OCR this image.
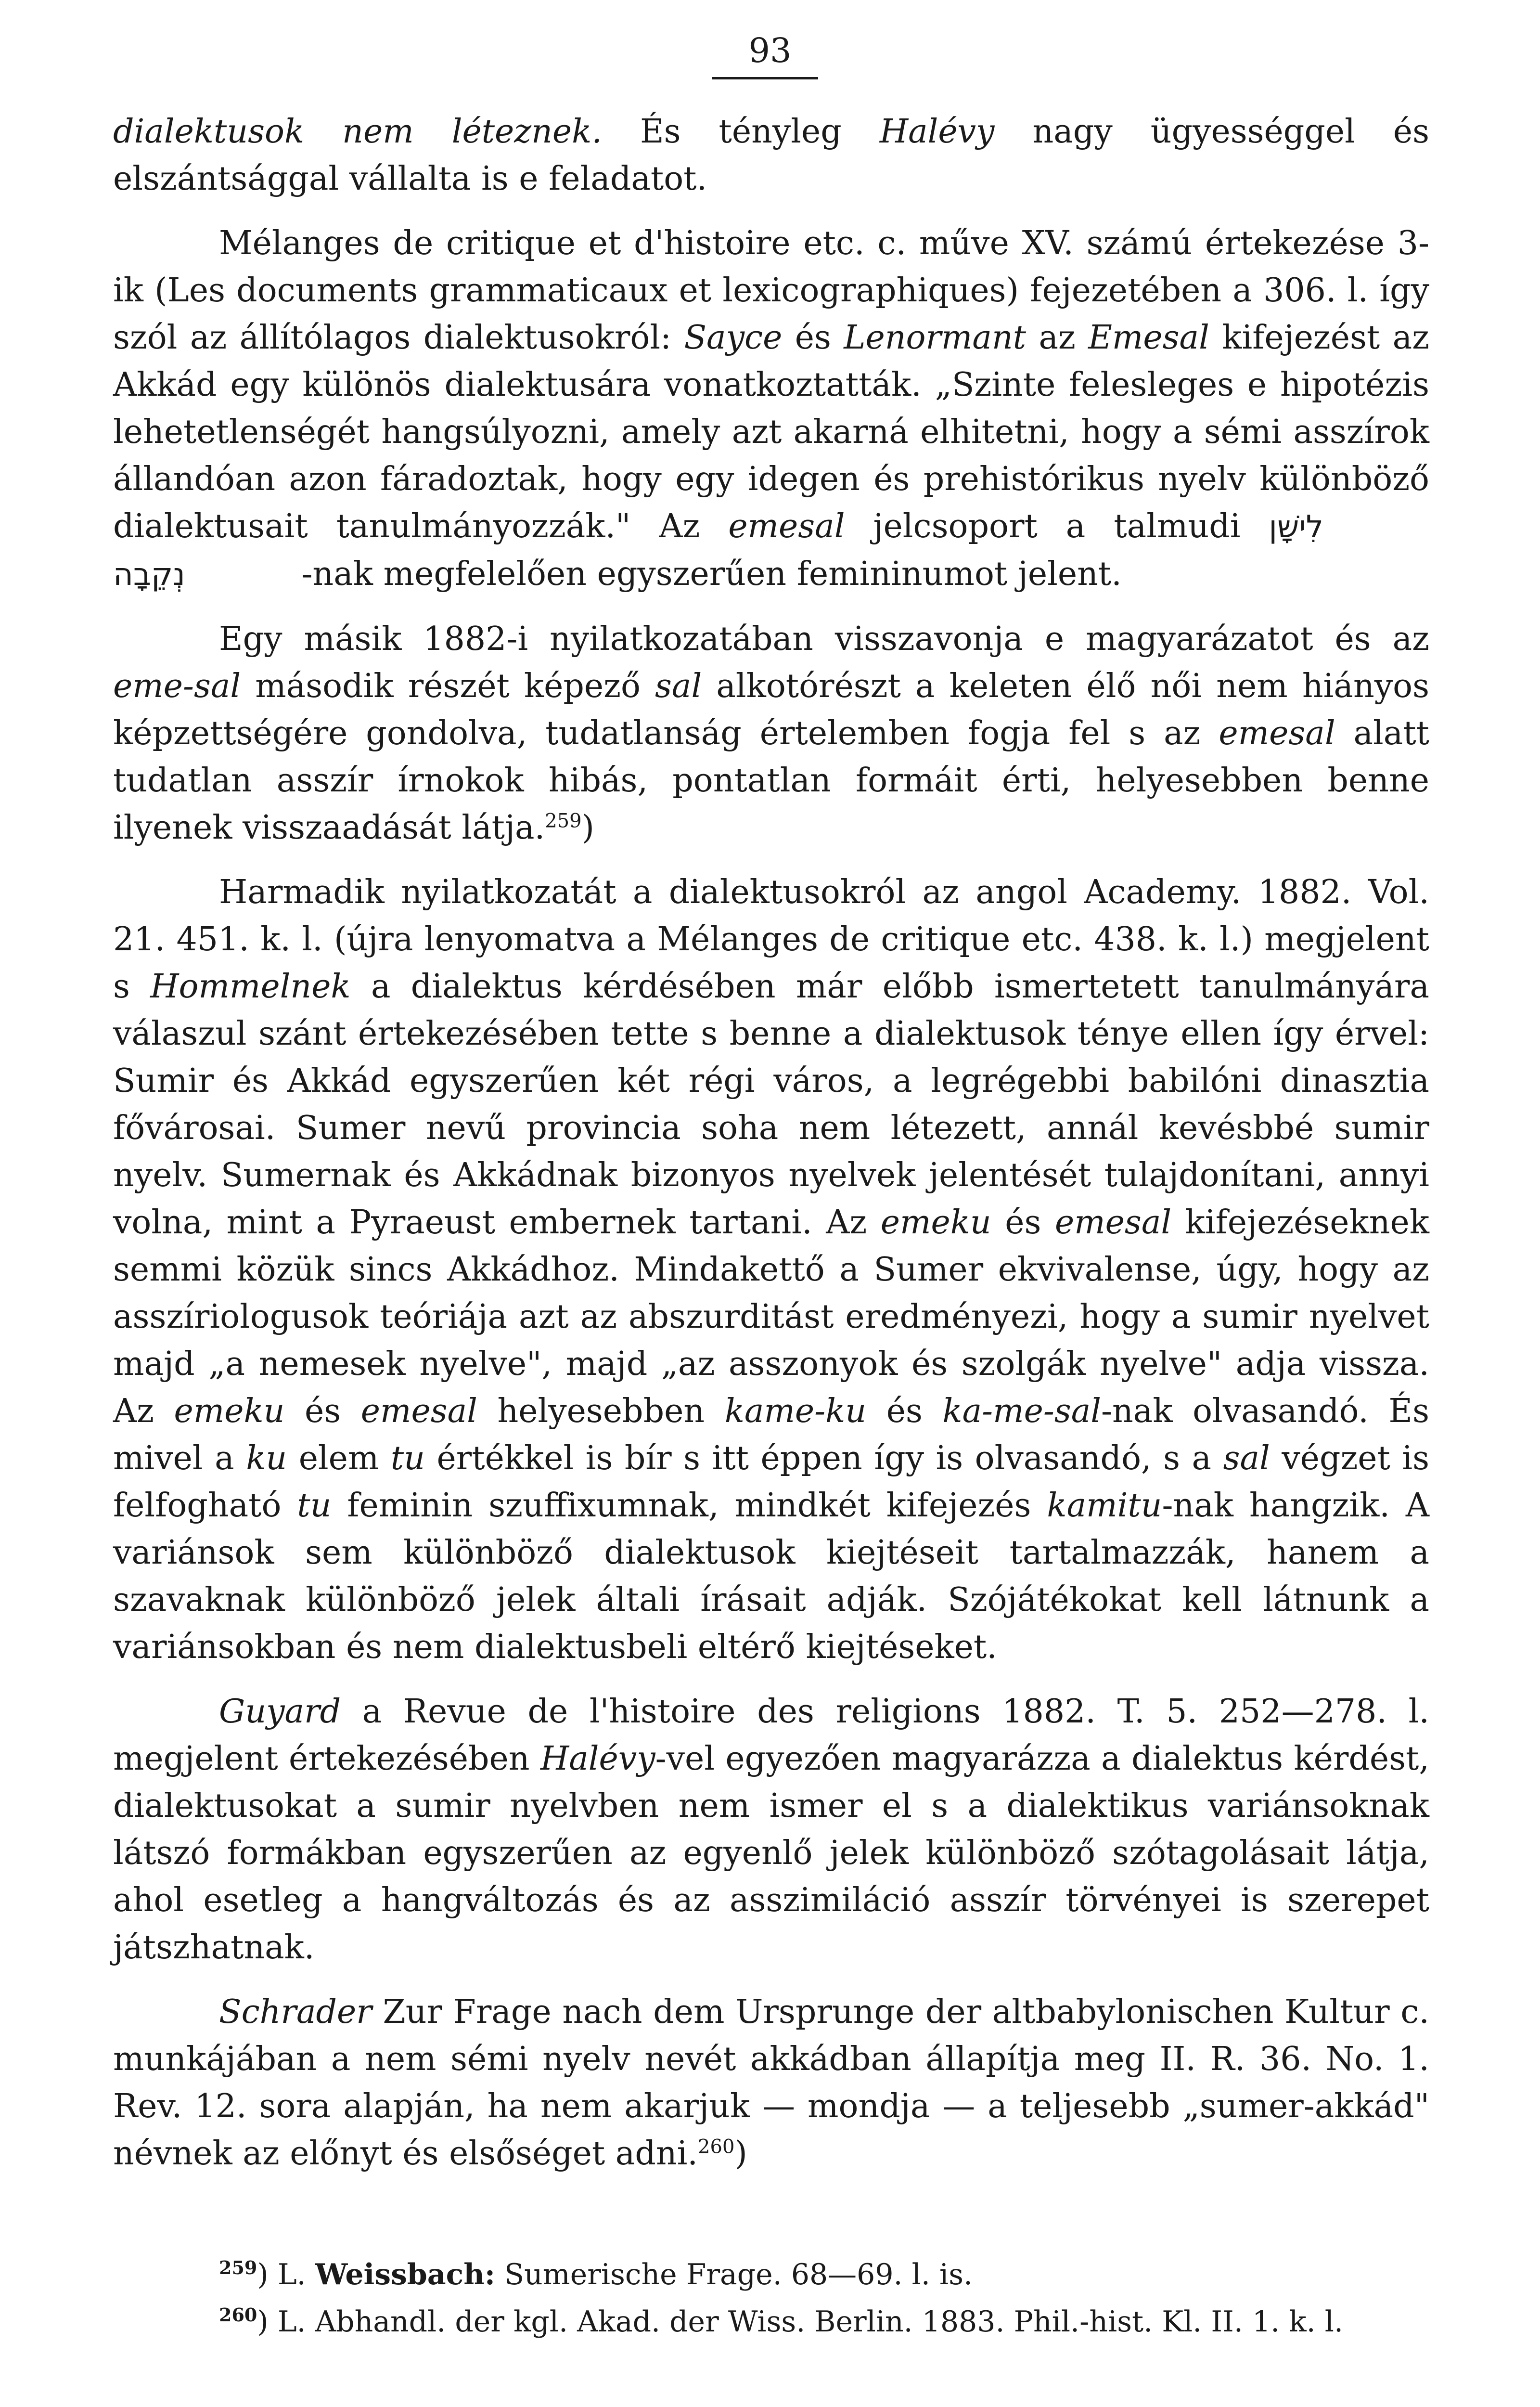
93

dialektusok nem léteznek. És tényleg Halévy nagy ügyességgel és elszántsággal vállalta is e feladatot.

Mélanges de critique et d'histoire etc. c. műve XV. számú értekezése 3-ik (Les documents grammaticaux et lexicographiques) fejezetében a 306. l. így szól az állítólagos dialektusokról: Sayce és Lenormant az Emesal kifejezést az Akkád egy különös dialektusára vonatkoztatták. „Szinte felesleges e hipotézis lehetetlenségét hangsúlyozni, amely azt akarná elhitetni, hogy a sémi asszírok állandóan azon fáradoztak, hogy egy idegen és prehistórikus nyelv különböző dialektusait tanulmányozzák." Az emesal jelcsoport a talmudi לִישָׁן נְקֵבָה	-nak megfelelően egyszerűen femininumot jelent.

Egy másik 1882-i nyilatkozatában visszavonja e magyarázatot és az eme-sal második részét képező sal alkotórészt a keleten élő női nem hiányos képzettségére gondolva, tudatlanság értelemben fogja fel s az emesal alatt tudatlan asszír írnokok hibás, pontatlan formáit érti, helyesebben benne ilyenek visszaadását látja.$^{259}$)

Harmadik nyilatkozatát a dialektusokról az angol Academy. 1882. Vol. 21. 451. k. l. (újra lenyomatva a Mélanges de critique etc. 438. k. l.) megjelent s Hommelnek a dialektus kérdésében már előbb ismertetett tanulmányára válaszul szánt értekezésében tette s benne a dialektusok ténye ellen így érvel: Sumir és Akkád egyszerűen két régi város, a legrégebbi babilóni dinasztia fővárosai. Sumer nevű provincia soha nem létezett, annál kevésbbé sumir nyelv. Sumernak és Akkádnak bizonyos nyelvek jelentését tulajdonítani, annyi volna, mint a Pyraeust embernek tartani. Az emeku és emesal kifejezéseknek semmi közük sincs Akkádhoz. Mindakettő a Sumer ekvivalense, úgy, hogy az asszíriologusok teóriája azt az abszurditást eredményezi, hogy a sumir nyelvet majd „a nemesek nyelve", majd „az asszonyok és szolgák nyelve" adja vissza. Az emeku és emesal helyesebben kame-ku és ka-me-sal-nak olvasandó. És mivel a ku elem tu értékkel is bír s itt éppen így is olvasandó, s a sal végzet is felfogható tu feminin szuffixumnak, mindkét kifejezés kamitu-nak hangzik. A variánsok sem különböző dialektusok kiejtéseit tartalmazzák, hanem a szavaknak különböző jelek általi írásait adják. Szójátékokat kell látnunk a variánsokban és nem dialektusbeli eltérő kiejtéseket.

Guyard a Revue de l'histoire des religions 1882. T. 5. 252—278. l. megjelent értekezésében Halévy-vel egyezően magyarázza a dialektus kérdést, dialektusokat a sumir nyelvben nem ismer el s a dialektikus variánsoknak látszó formákban egyszerűen az egyenlő jelek különböző szótagolásait látja, ahol esetleg a hangváltozás és az asszimiláció asszír törvényei is szerepet játszhatnak.

Schrader Zur Frage nach dem Ursprunge der altbabylonischen Kultur c. munkájában a nem sémi nyelv nevét akkádban állapítja meg II. R. 36. No. 1. Rev. 12. sora alapján, ha nem akarjuk — mondja — a teljesebb „sumer-akkád" névnek az előnyt és elsőséget adni.$^{260}$)

$^{259}$) L. Weissbach: Sumerische Frage. 68—69. l. is.

$^{260}$) L. Abhandl. der kgl. Akad. der Wiss. Berlin. 1883. Phil.-hist. Kl. II. 1. k. l.
